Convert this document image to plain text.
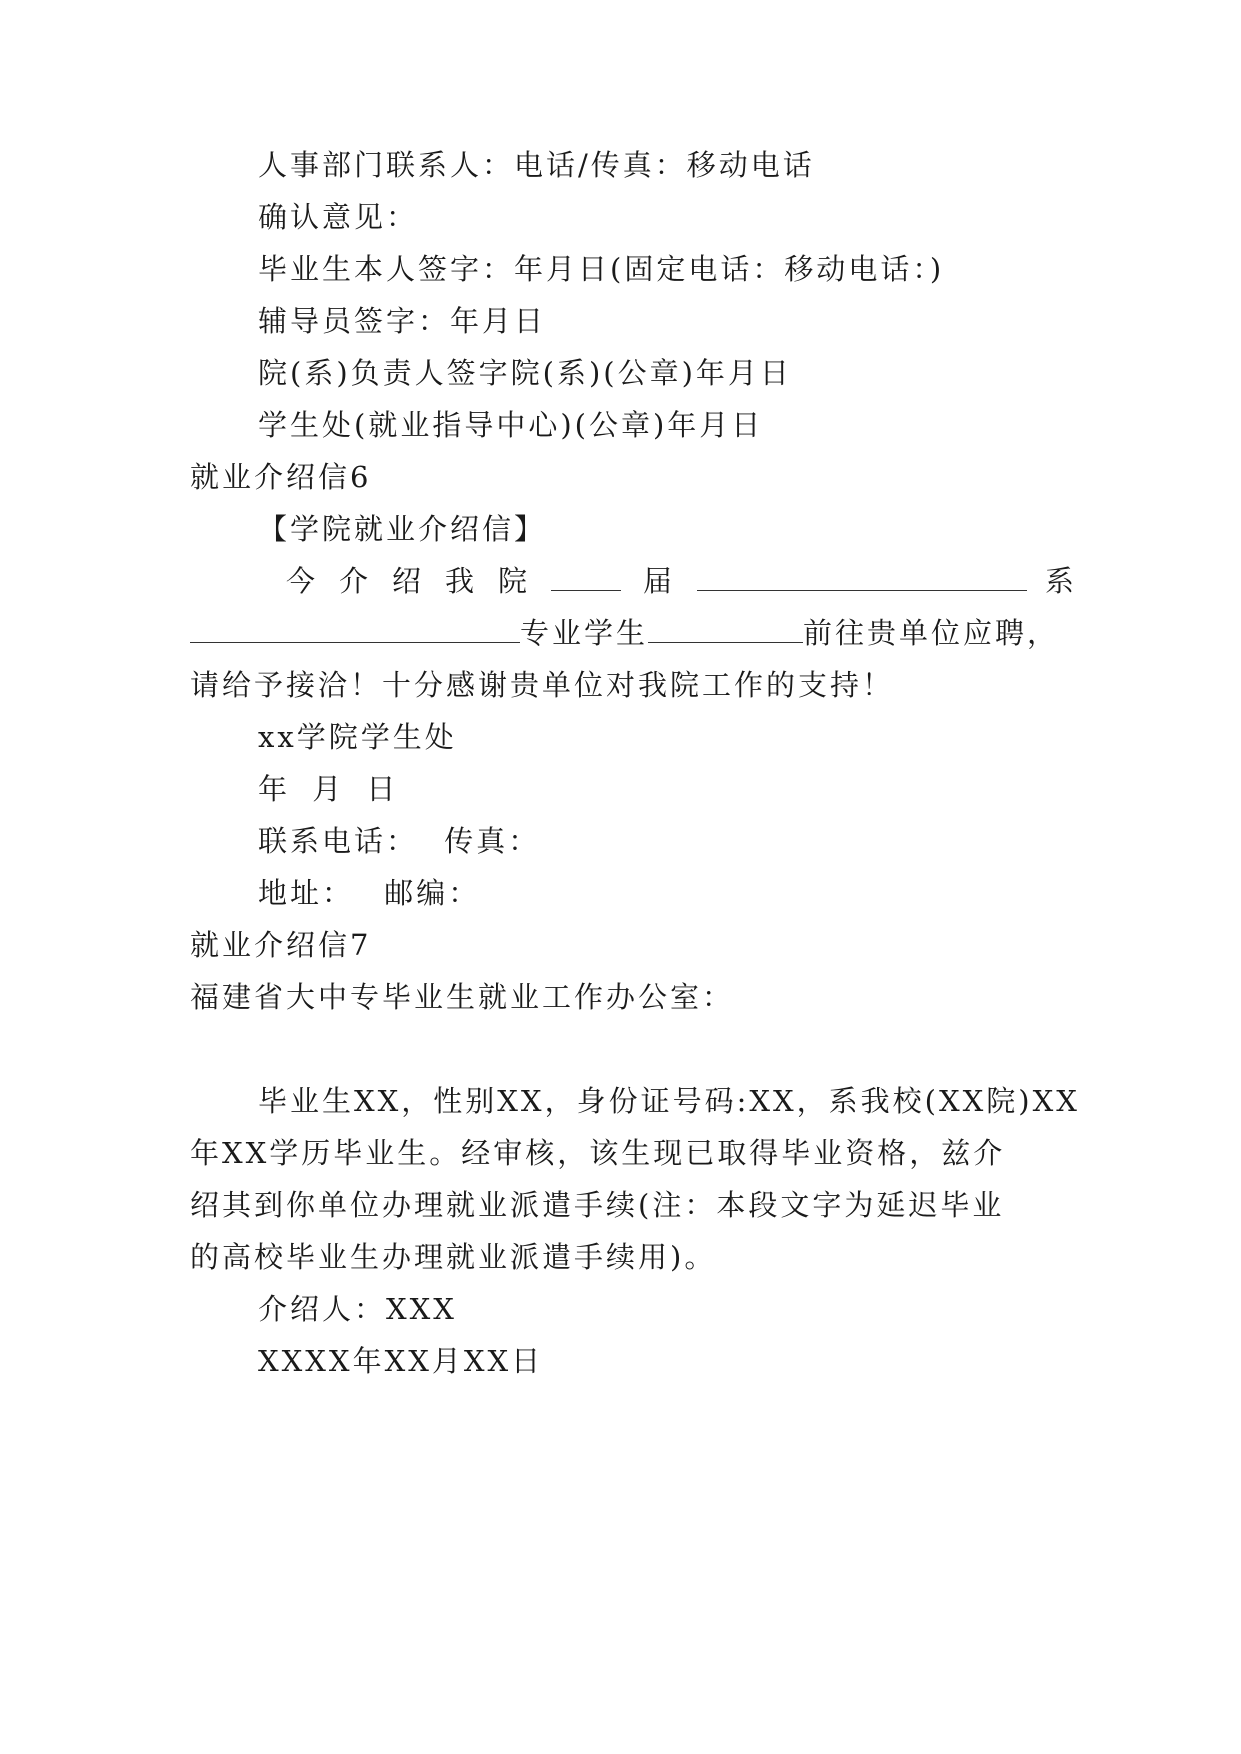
人事部门联系人：电话/传真：移动电话
确认意见：
毕业生本人签字：年月日(固定电话：移动电话：)
辅导员签字：年月日
院(系)负责人签字院(系)(公章)年月日
学生处(就业指导中心)(公章)年月日
就业介绍信6
【学院就业介绍信】
今介绍我院	届	系
专业学生	前往贵单位应聘，
请给予接洽！十分感谢贵单位对我院工作的支持！
xx学院学生处
年 月 日
联系电话： 传真：
地址： 邮编：
就业介绍信7
福建省大中专毕业生就业工作办公室：
毕业生XX，性别XX，身份证号码:XX，系我校(XX院)XX
年XX学历毕业生。经审核，该生现已取得毕业资格，兹介
绍其到你单位办理就业派遣手续(注：本段文字为延迟毕业
的高校毕业生办理就业派遣手续用)。
介绍人：XXX
XXXX年XX月XX日
